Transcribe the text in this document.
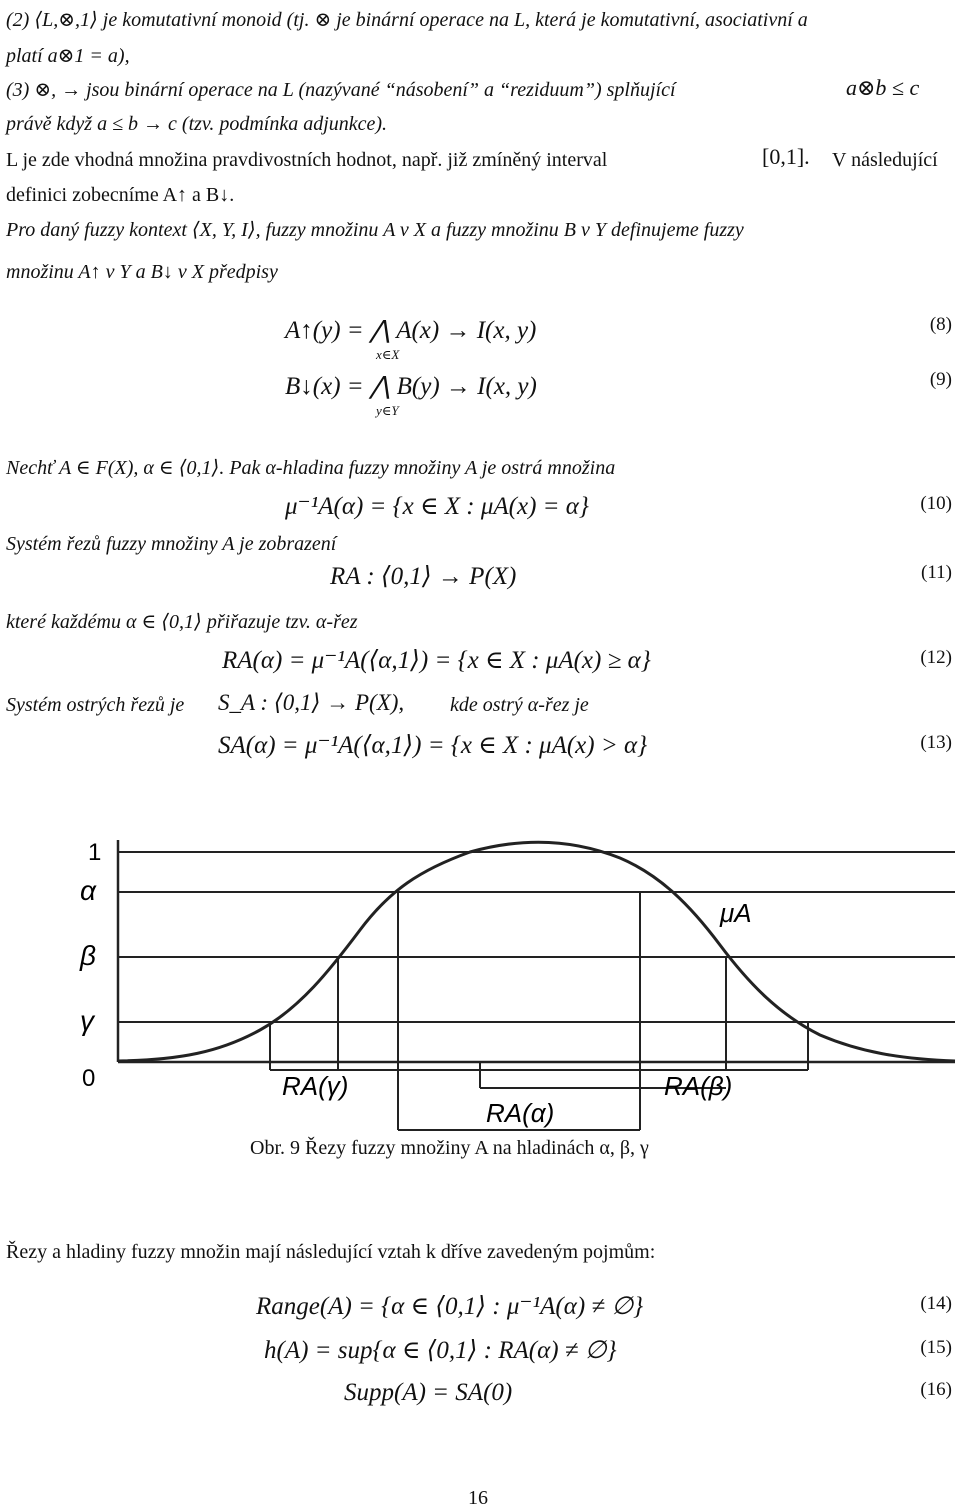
(2) ⟨L,⊗,1⟩ je komutativní monoid (tj. ⊗ je binární operace na L, která je komutativní, asociativní a
platí a⊗1 = a),
(3) ⊗, → jsou binární operace na L (nazývané “násobení” a “reziduum”) splňující	a⊗b ≤ c
právě když a ≤ b → c (tzv. podmínka adjunkce).
L je zde vhodná množina pravdivostních hodnot, např. již zmíněný interval	[0,1]. V následující
definici zobecníme A↑ a B↓.
Pro daný fuzzy kontext ⟨X, Y, I⟩, fuzzy množinu A v X a fuzzy množinu B v Y definujeme fuzzy
množinu A↑ v Y a B↓ v X předpisy
A↑(y) = ⋀ A(x) → I(x, y)
x∈X
(8)
B↓(x) = ⋀ B(y) → I(x, y)
y∈Y
(9)
Nechť A ∈ F(X), α ∈ ⟨0,1⟩. Pak α-hladina fuzzy množiny A je ostrá množina
μ⁻¹A(α) = {x ∈ X : μA(x) = α}	(10)
Systém řezů fuzzy množiny A je zobrazení
RA : ⟨0,1⟩ → P(X)	(11)
které každému α ∈ ⟨0,1⟩ přiřazuje tzv. α-řez
RA(α) = μ⁻¹A(⟨α,1⟩) = {x ∈ X : μA(x) ≥ α}	(12)
Systém ostrých řezů je S_A : ⟨0,1⟩ → P(X), kde ostrý α-řez je
SA(α) = μ⁻¹A(⟨α,1⟩) = {x ∈ X : μA(x) > α}	(13)
1
α
β
γ
0
μA
RA(γ)
RA(α)
RA(β)
Obr. 9 Řezy fuzzy množiny A na hladinách α, β, γ
Řezy a hladiny fuzzy množin mají následující vztah k dříve zavedeným pojmům:
Range(A) = {α ∈ ⟨0,1⟩ : μ⁻¹A(α) ≠ ∅}	(14)
h(A) = sup{α ∈ ⟨0,1⟩ : RA(α) ≠ ∅}	(15)
Supp(A) = SA(0)	(16)
16
